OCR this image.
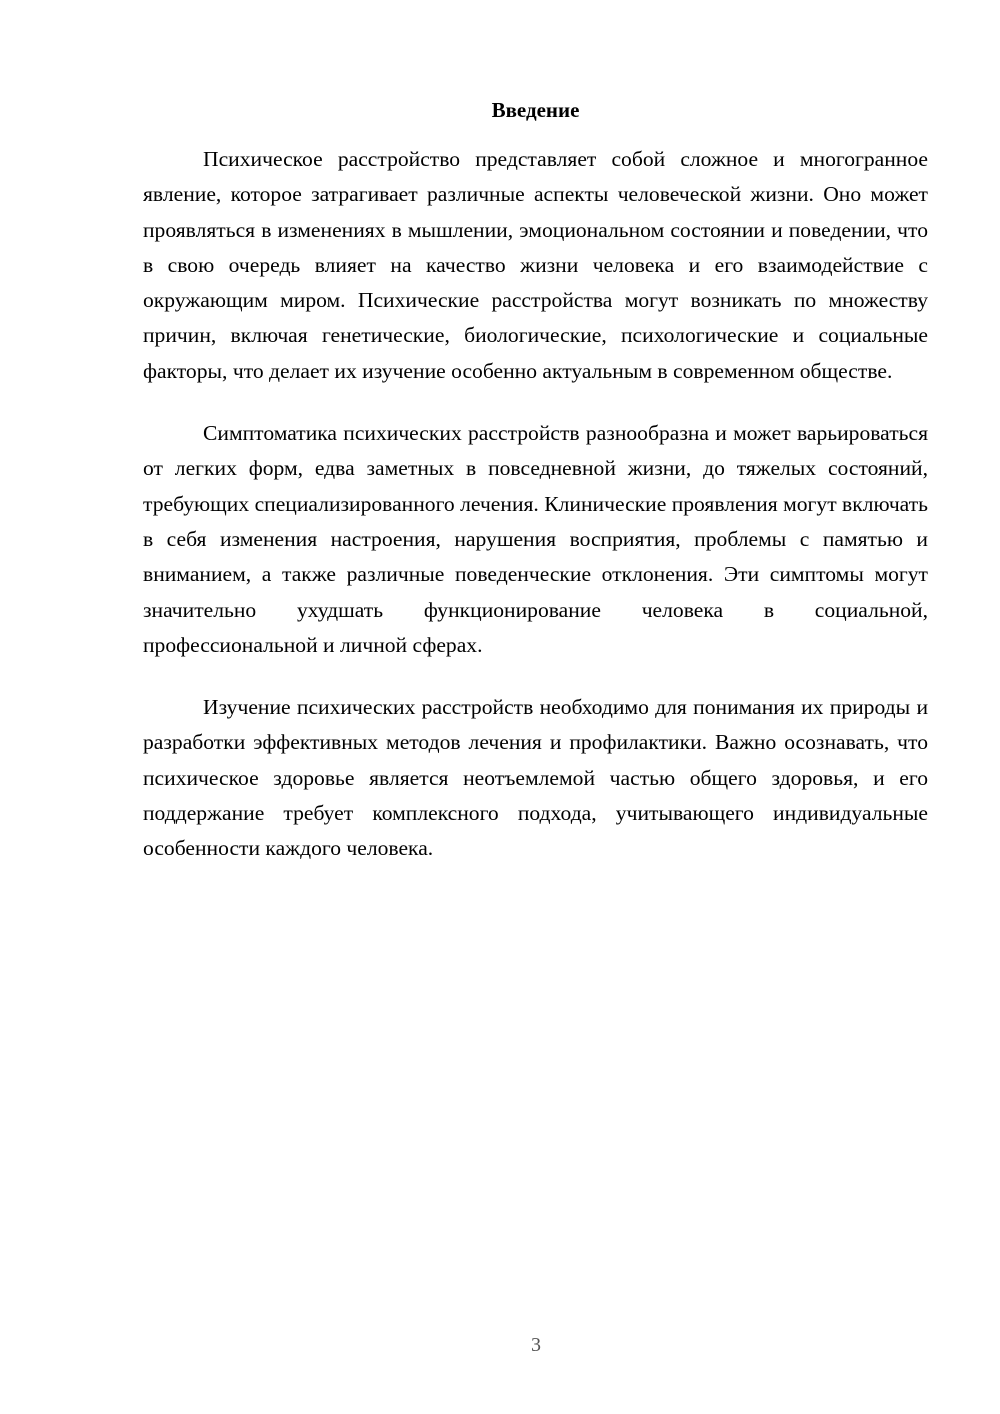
Введение

Психическое расстройство представляет собой сложное и многогранное явление, которое затрагивает различные аспекты человеческой жизни. Оно может проявляться в изменениях в мышлении, эмоциональном состоянии и поведении, что в свою очередь влияет на качество жизни человека и его взаимодействие с окружающим миром. Психические расстройства могут возникать по множеству причин, включая генетические, биологические, психологические и социальные факторы, что делает их изучение особенно актуальным в современном обществе.

Симптоматика психических расстройств разнообразна и может варьироваться от легких форм, едва заметных в повседневной жизни, до тяжелых состояний, требующих специализированного лечения. Клинические проявления могут включать в себя изменения настроения, нарушения восприятия, проблемы с памятью и вниманием, а также различные поведенческие отклонения. Эти симптомы могут значительно ухудшать функционирование человека в социальной, профессиональной и личной сферах.

Изучение психических расстройств необходимо для понимания их природы и разработки эффективных методов лечения и профилактики. Важно осознавать, что психическое здоровье является неотъемлемой частью общего здоровья, и его поддержание требует комплексного подхода, учитывающего индивидуальные особенности каждого человека.

3
